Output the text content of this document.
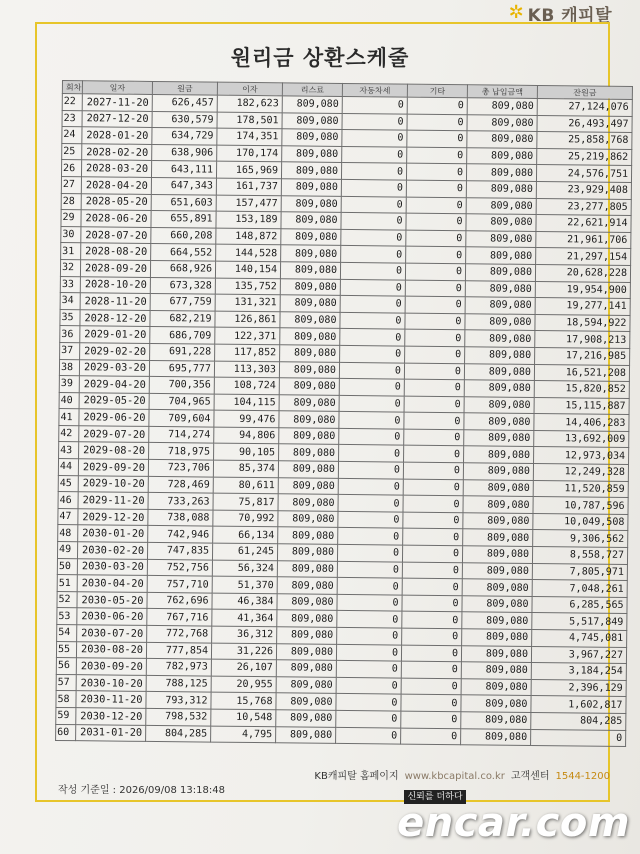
✲ KB 캐피탈
원리금 상환스케줄
회차	일자	원금	이자	리스료	자동차세	기타	총 납입금액	잔원금
22	2027-11-20	626,457	182,623	809,080	0	0	809,080	27,124,076
23	2027-12-20	630,579	178,501	809,080	0	0	809,080	26,493,497
24	2028-01-20	634,729	174,351	809,080	0	0	809,080	25,858,768
25	2028-02-20	638,906	170,174	809,080	0	0	809,080	25,219,862
26	2028-03-20	643,111	165,969	809,080	0	0	809,080	24,576,751
27	2028-04-20	647,343	161,737	809,080	0	0	809,080	23,929,408
28	2028-05-20	651,603	157,477	809,080	0	0	809,080	23,277,805
29	2028-06-20	655,891	153,189	809,080	0	0	809,080	22,621,914
30	2028-07-20	660,208	148,872	809,080	0	0	809,080	21,961,706
31	2028-08-20	664,552	144,528	809,080	0	0	809,080	21,297,154
32	2028-09-20	668,926	140,154	809,080	0	0	809,080	20,628,228
33	2028-10-20	673,328	135,752	809,080	0	0	809,080	19,954,900
34	2028-11-20	677,759	131,321	809,080	0	0	809,080	19,277,141
35	2028-12-20	682,219	126,861	809,080	0	0	809,080	18,594,922
36	2029-01-20	686,709	122,371	809,080	0	0	809,080	17,908,213
37	2029-02-20	691,228	117,852	809,080	0	0	809,080	17,216,985
38	2029-03-20	695,777	113,303	809,080	0	0	809,080	16,521,208
39	2029-04-20	700,356	108,724	809,080	0	0	809,080	15,820,852
40	2029-05-20	704,965	104,115	809,080	0	0	809,080	15,115,887
41	2029-06-20	709,604	99,476	809,080	0	0	809,080	14,406,283
42	2029-07-20	714,274	94,806	809,080	0	0	809,080	13,692,009
43	2029-08-20	718,975	90,105	809,080	0	0	809,080	12,973,034
44	2029-09-20	723,706	85,374	809,080	0	0	809,080	12,249,328
45	2029-10-20	728,469	80,611	809,080	0	0	809,080	11,520,859
46	2029-11-20	733,263	75,817	809,080	0	0	809,080	10,787,596
47	2029-12-20	738,088	70,992	809,080	0	0	809,080	10,049,508
48	2030-01-20	742,946	66,134	809,080	0	0	809,080	9,306,562
49	2030-02-20	747,835	61,245	809,080	0	0	809,080	8,558,727
50	2030-03-20	752,756	56,324	809,080	0	0	809,080	7,805,971
51	2030-04-20	757,710	51,370	809,080	0	0	809,080	7,048,261
52	2030-05-20	762,696	46,384	809,080	0	0	809,080	6,285,565
53	2030-06-20	767,716	41,364	809,080	0	0	809,080	5,517,849
54	2030-07-20	772,768	36,312	809,080	0	0	809,080	4,745,081
55	2030-08-20	777,854	31,226	809,080	0	0	809,080	3,967,227
56	2030-09-20	782,973	26,107	809,080	0	0	809,080	3,184,254
57	2030-10-20	788,125	20,955	809,080	0	0	809,080	2,396,129
58	2030-11-20	793,312	15,768	809,080	0	0	809,080	1,602,817
59	2030-12-20	798,532	10,548	809,080	0	0	809,080	804,285
60	2031-01-20	804,285	4,795	809,080	0	0	809,080	0
작성 기준일 : 2026/09/08 13:18:48
KB캐피탈 홈페이지 www.kbcapital.co.kr 고객센터 1544-1200
신뢰를 더하다
encar.com
